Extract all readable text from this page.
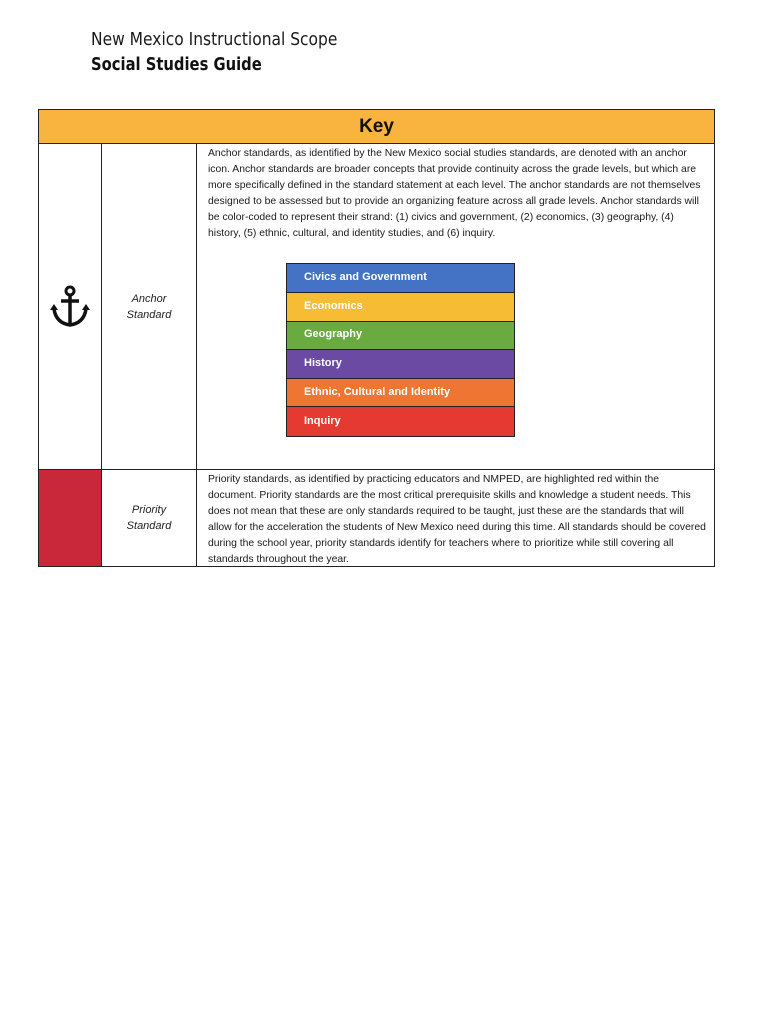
New Mexico Instructional Scope
Social Studies Guide
Key
Anchor
Standard
Anchor standards, as identified by the New Mexico social studies standards, are denoted with an anchor icon. Anchor standards are broader concepts that provide continuity across the grade levels, but which are more specifically defined in the standard statement at each level. The anchor standards are not themselves designed to be assessed but to provide an organizing feature across all grade levels. Anchor standards will be color-coded to represent their strand: (1) civics and government, (2) economics, (3) geography, (4) history, (5) ethnic, cultural, and identity studies, and (6) inquiry.
Civics and Government
Economics
Geography
History
Ethnic, Cultural and Identity
Inquiry
Priority
Standard
Priority standards, as identified by practicing educators and NMPED, are highlighted red within the document. Priority standards are the most critical prerequisite skills and knowledge a student needs. This does not mean that these are only standards required to be taught, just these are the standards that will allow for the acceleration the students of New Mexico need during this time. All standards should be covered during the school year, priority standards identify for teachers where to prioritize while still covering all standards throughout the year.
